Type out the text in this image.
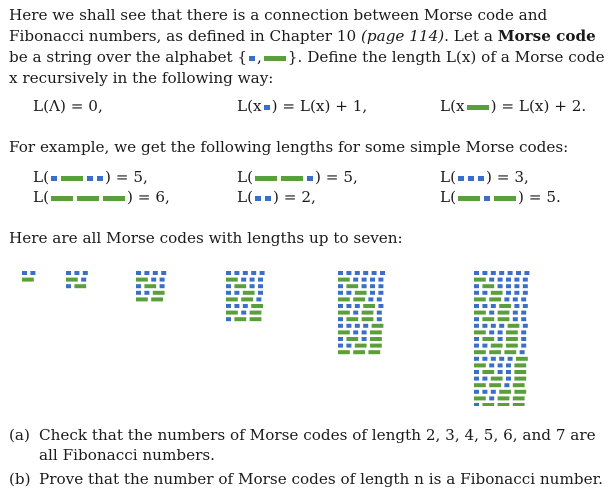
Here we shall see that there is a connection between Morse code and Fibonacci numbers, as defined in Chapter 10 (page 114). Let a Morse code be a string over the alphabet { , }. Define the length L(x) of a Morse code x recursively in the following way:

L(Λ) = 0,	L(x ) = L(x) + 1,	L(x ) = L(x) + 2.

For example, we get the following lengths for some simple Morse codes:

L(	) = 5,	L(	) = 5,	L( ) = 3,
L(	) = 6,	L( ) = 2,	L(	) = 5.

Here are all Morse codes with lengths up to seven:

(a) Check that the numbers of Morse codes of length 2, 3, 4, 5, 6, and 7 are all Fibonacci numbers.
(b) Prove that the number of Morse codes of length n is a Fibonacci number.
